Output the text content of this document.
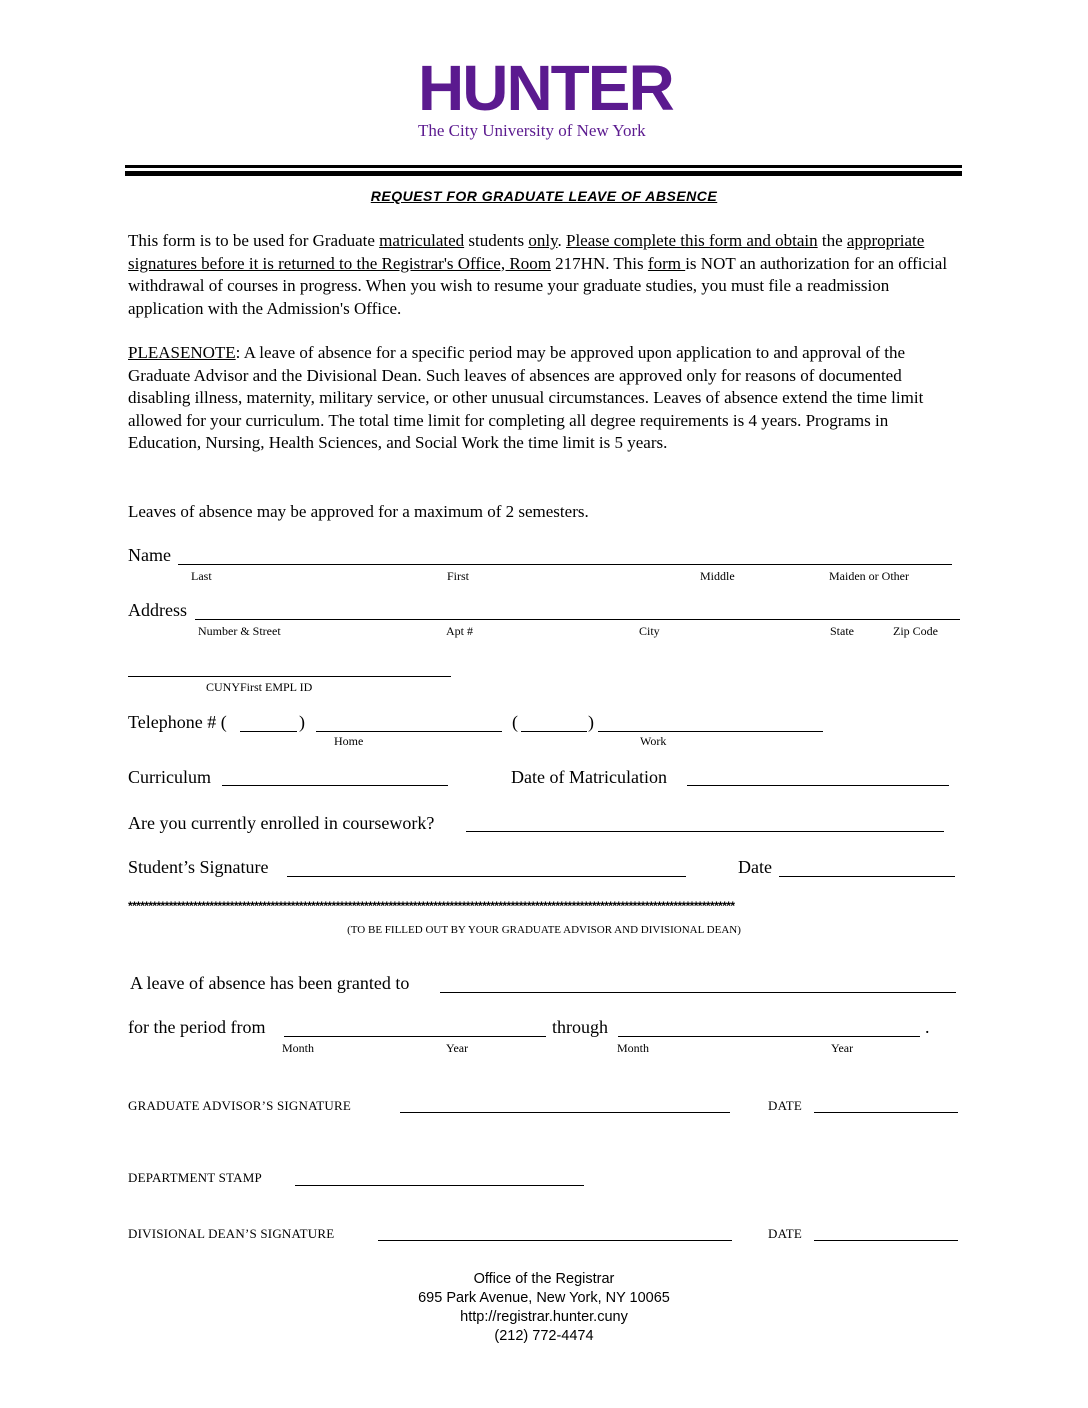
HUNTER
The City University of New York
REQUEST FOR GRADUATE LEAVE OF ABSENCE

This form is to be used for Graduate matriculated students only. Please complete this form and obtain the appropriate signatures before it is returned to the Registrar's Office, Room 217HN. This form is NOT an authorization for an official withdrawal of courses in progress. When you wish to resume your graduate studies, you must file a readmission application with the Admission's Office.

PLEASENOTE: A leave of absence for a specific period may be approved upon application to and approval of the Graduate Advisor and the Divisional Dean. Such leaves of absences are approved only for reasons of documented disabling illness, maternity, military service, or other unusual circumstances. Leaves of absence extend the time limit allowed for your curriculum. The total time limit for completing all degree requirements is 4 years. Programs in Education, Nursing, Health Sciences, and Social Work the time limit is 5 years.

Leaves of absence may be approved for a maximum of 2 semesters.

Name
Last	First	Middle	Maiden or Other
Address
Number & Street	Apt #	City	State	Zip Code
CUNYFirst EMPL ID
Telephone # (	)
Home
(	)
Work
Curriculum	Date of Matriculation
Are you currently enrolled in coursework?
Student’s Signature	Date
*****************************************************************************************************************************************************
(TO BE FILLED OUT BY YOUR GRADUATE ADVISOR AND DIVISIONAL DEAN)
A leave of absence has been granted to
for the period from	through	.
Month	Year	Month	Year
GRADUATE ADVISOR’S SIGNATURE	DATE
DEPARTMENT STAMP
DIVISIONAL DEAN’S SIGNATURE	DATE
Office of the Registrar
695 Park Avenue, New York, NY 10065
http://registrar.hunter.cuny
(212) 772-4474
